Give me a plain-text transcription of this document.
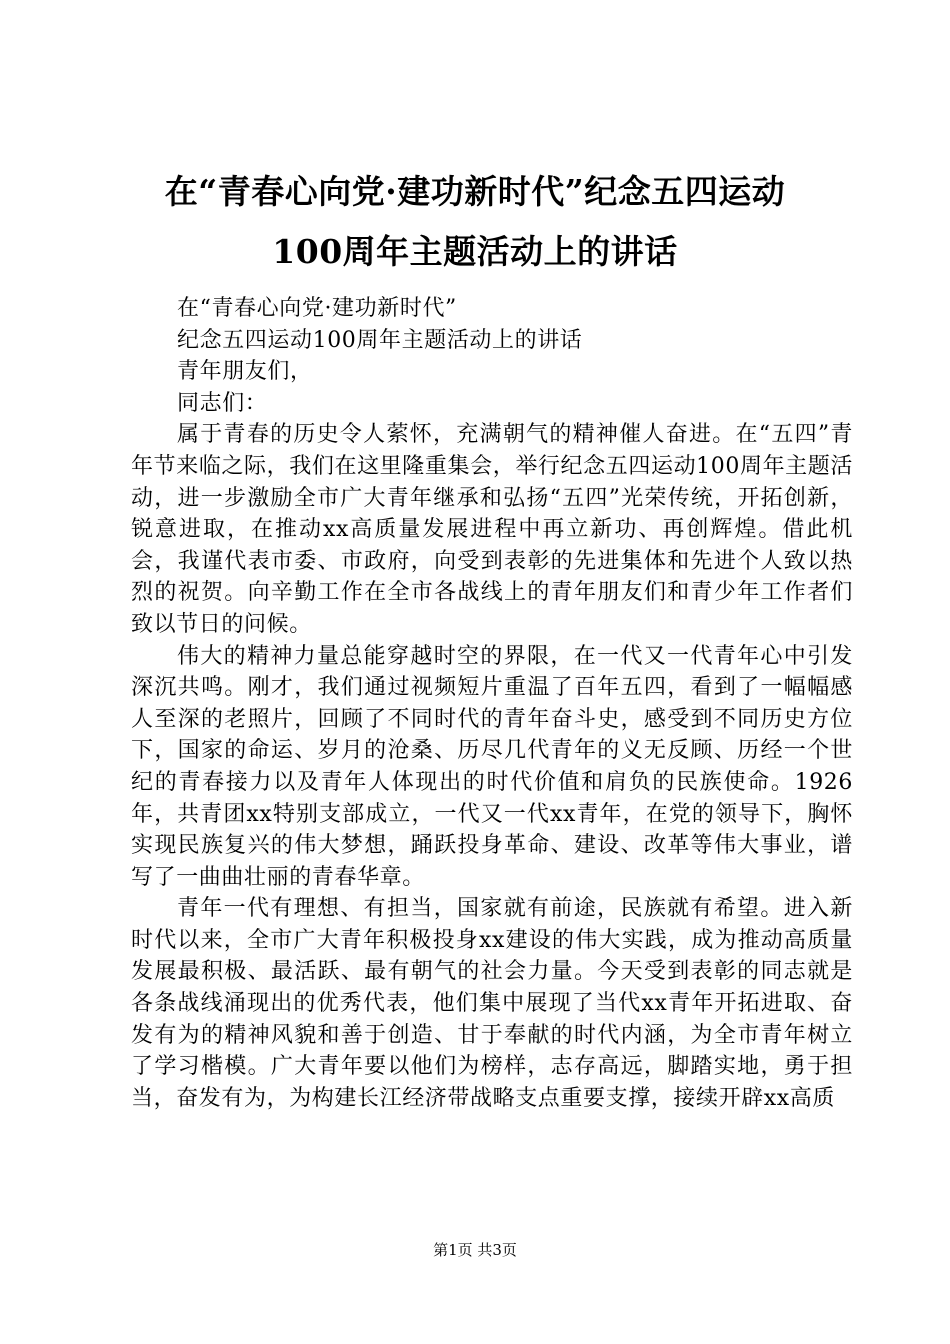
在“青春心向党·建功新时代”纪念五四运动
100周年主题活动上的讲话
在“青春心向党·建功新时代”
纪念五四运动100周年主题活动上的讲话
青年朋友们，
同志们：

属于青春的历史令人萦怀，充满朝气的精神催人奋进。在“五四”青年节来临之际，我们在这里隆重集会，举行纪念五四运动100周年主题活动，进一步激励全市广大青年继承和弘扬“五四”光荣传统，开拓创新，锐意进取，在推动xx高质量发展进程中再立新功、再创辉煌。借此机会，我谨代表市委、市政府，向受到表彰的先进集体和先进个人致以热烈的祝贺。向辛勤工作在全市各战线上的青年朋友们和青少年工作者们致以节日的问候。

伟大的精神力量总能穿越时空的界限，在一代又一代青年心中引发深沉共鸣。刚才，我们通过视频短片重温了百年五四，看到了一幅幅感人至深的老照片，回顾了不同时代的青年奋斗史，感受到不同历史方位下，国家的命运、岁月的沧桑、历尽几代青年的义无反顾、历经一个世纪的青春接力以及青年人体现出的时代价值和肩负的民族使命。1926年，共青团xx特别支部成立，一代又一代xx青年，在党的领导下，胸怀实现民族复兴的伟大梦想，踊跃投身革命、建设、改革等伟大事业，谱写了一曲曲壮丽的青春华章。

青年一代有理想、有担当，国家就有前途，民族就有希望。进入新时代以来，全市广大青年积极投身xx建设的伟大实践，成为推动高质量发展最积极、最活跃、最有朝气的社会力量。今天受到表彰的同志就是各条战线涌现出的优秀代表，他们集中展现了当代xx青年开拓进取、奋发有为的精神风貌和善于创造、甘于奉献的时代内涵，为全市青年树立了学习楷模。广大青年要以他们为榜样，志存高远，脚踏实地，勇于担当，奋发有为，为构建长江经济带战略支点重要支撑，接续开辟xx高质

第1页 共3页
